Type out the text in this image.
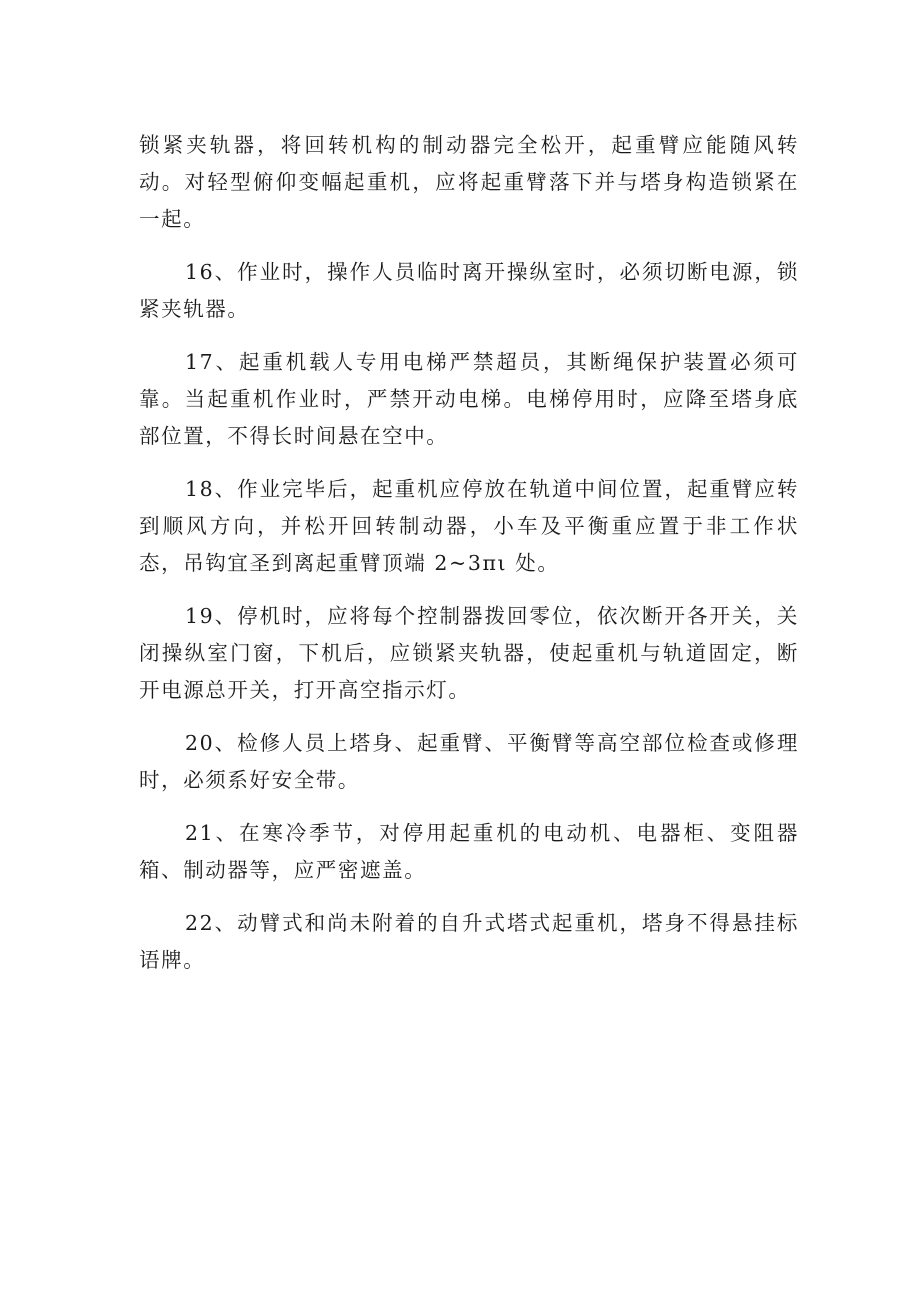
锁紧夹轨器，将回转机构的制动器完全松开，起重臂应能随风转动。对轻型俯仰变幅起重机，应将起重臂落下并与塔身构造锁紧在一起。

16、作业时，操作人员临时离开操纵室时，必须切断电源，锁紧夹轨器。

17、起重机载人专用电梯严禁超员，其断绳保护装置必须可靠。当起重机作业时，严禁开动电梯。电梯停用时，应降至塔身底部位置，不得长时间悬在空中。

18、作业完毕后，起重机应停放在轨道中间位置，起重臂应转到顺风方向，并松开回转制动器，小车及平衡重应置于非工作状态，吊钩宜圣到离起重臂顶端 2~3πι 处。

19、停机时，应将每个控制器拨回零位，依次断开各开关，关闭操纵室门窗，下机后，应锁紧夹轨器，使起重机与轨道固定，断开电源总开关，打开高空指示灯。

20、检修人员上塔身、起重臂、平衡臂等高空部位检查或修理时，必须系好安全带。

21、在寒冷季节，对停用起重机的电动机、电器柜、变阻器箱、制动器等，应严密遮盖。

22、动臂式和尚未附着的自升式塔式起重机，塔身不得悬挂标语牌。
